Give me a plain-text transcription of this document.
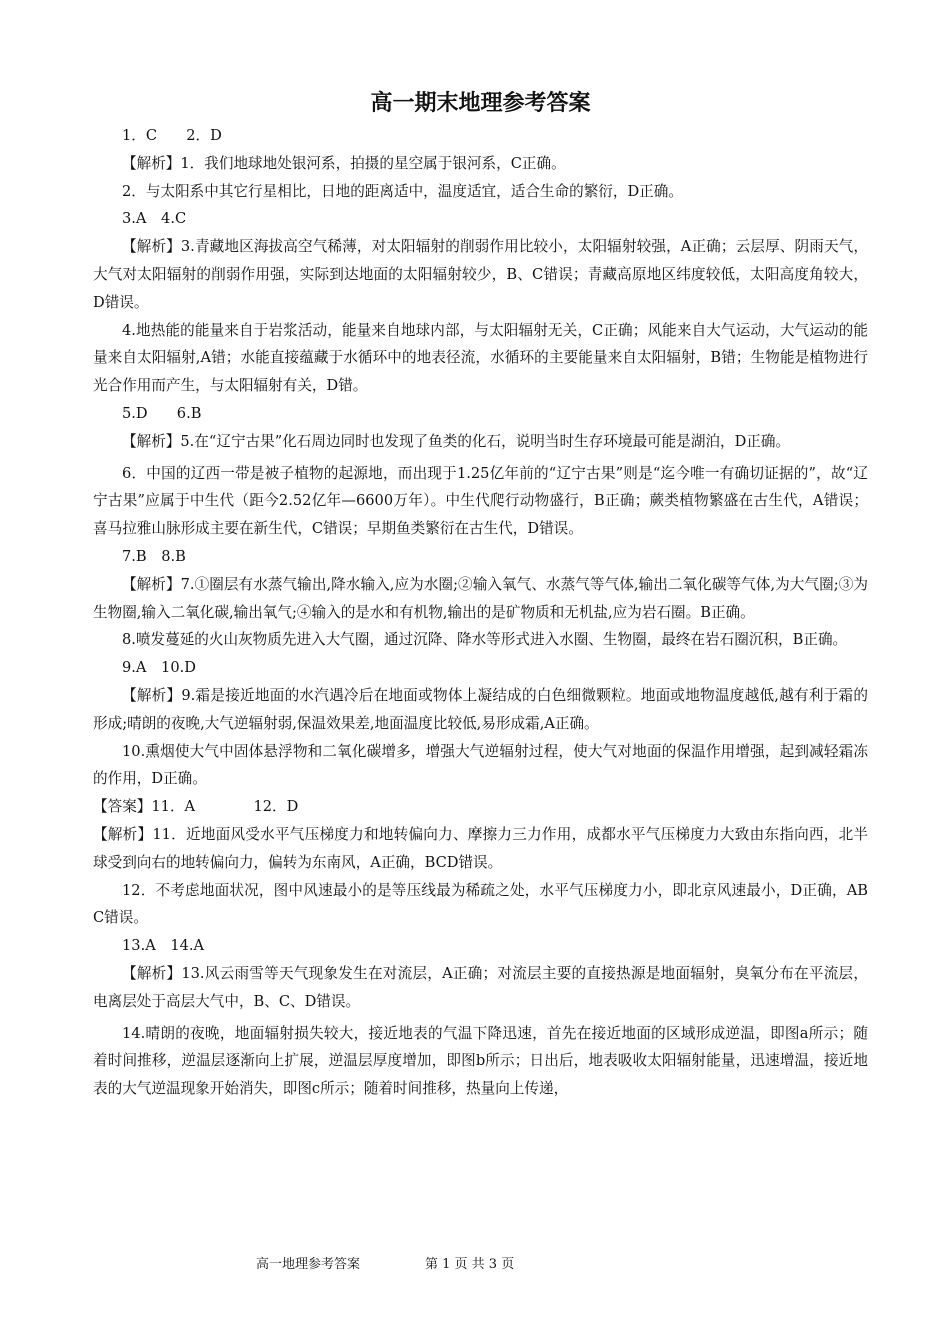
高一期末地理参考答案

1．C　　2．D

【解析】1．我们地球地处银河系，拍摄的星空属于银河系，C正确。

2．与太阳系中其它行星相比，日地的距离适中，温度适宜，适合生命的繁衍，D正确。

3.A　4.C

【解析】3.青藏地区海拔高空气稀薄，对太阳辐射的削弱作用比较小，太阳辐射较强，A正确；云层厚、阴雨天气，大气对太阳辐射的削弱作用强，实际到达地面的太阳辐射较少，B、C错误；青藏高原地区纬度较低，太阳高度角较大，D错误。

4.地热能的能量来自于岩浆活动，能量来自地球内部，与太阳辐射无关，C正确；风能来自大气运动，大气运动的能量来自太阳辐射,A错；水能直接蕴藏于水循环中的地表径流，水循环的主要能量来自太阳辐射，B错；生物能是植物进行光合作用而产生，与太阳辐射有关，D错。

5.D　　6.B

【解析】5.在“辽宁古果”化石周边同时也发现了鱼类的化石，说明当时生存环境最可能是湖泊，D正确。

6．中国的辽西一带是被子植物的起源地，而出现于1.25亿年前的“辽宁古果”则是“迄今唯一有确切证据的”，故“辽宁古果”应属于中生代（距今2.52亿年—6600万年）。中生代爬行动物盛行，B正确；蕨类植物繁盛在古生代，A错误；喜马拉雅山脉形成主要在新生代，C错误；早期鱼类繁衍在古生代，D错误。

7.B　8.B

【解析】7.①圈层有水蒸气输出,降水输入,应为水圈;②输入氧气、水蒸气等气体,输出二氧化碳等气体,为大气圈;③为生物圈,输入二氧化碳,输出氧气;④输入的是水和有机物,输出的是矿物质和无机盐,应为岩石圈。B正确。

8.喷发蔓延的火山灰物质先进入大气圈，通过沉降、降水等形式进入水圈、生物圈，最终在岩石圈沉积，B正确。

9.A　10.D

【解析】9.霜是接近地面的水汽遇冷后在地面或物体上凝结成的白色细微颗粒。地面或地物温度越低,越有利于霜的形成;晴朗的夜晚,大气逆辐射弱,保温效果差,地面温度比较低,易形成霜,A正确。

10.熏烟使大气中固体悬浮物和二氧化碳增多，增强大气逆辐射过程，使大气对地面的保温作用增强，起到减轻霜冻的作用，D正确。

【答案】11．A　　　　12．D

【解析】11．近地面风受水平气压梯度力和地转偏向力、摩擦力三力作用，成都水平气压梯度力大致由东指向西，北半球受到向右的地转偏向力，偏转为东南风，A正确，BCD错误。

12．不考虑地面状况，图中风速最小的是等压线最为稀疏之处，水平气压梯度力小，即北京风速最小，D正确，ABC错误。

13.A　14.A

【解析】13.风云雨雪等天气现象发生在对流层，A正确；对流层主要的直接热源是地面辐射，臭氧分布在平流层，电离层处于高层大气中，B、C、D错误。

14.晴朗的夜晚，地面辐射损失较大，接近地表的气温下降迅速，首先在接近地面的区域形成逆温，即图a所示；随着时间推移，逆温层逐渐向上扩展，逆温层厚度增加，即图b所示；日出后，地表吸收太阳辐射能量，迅速增温，接近地表的大气逆温现象开始消失，即图c所示；随着时间推移，热量向上传递，

高一地理参考答案　　　　　第 1 页 共 3 页
